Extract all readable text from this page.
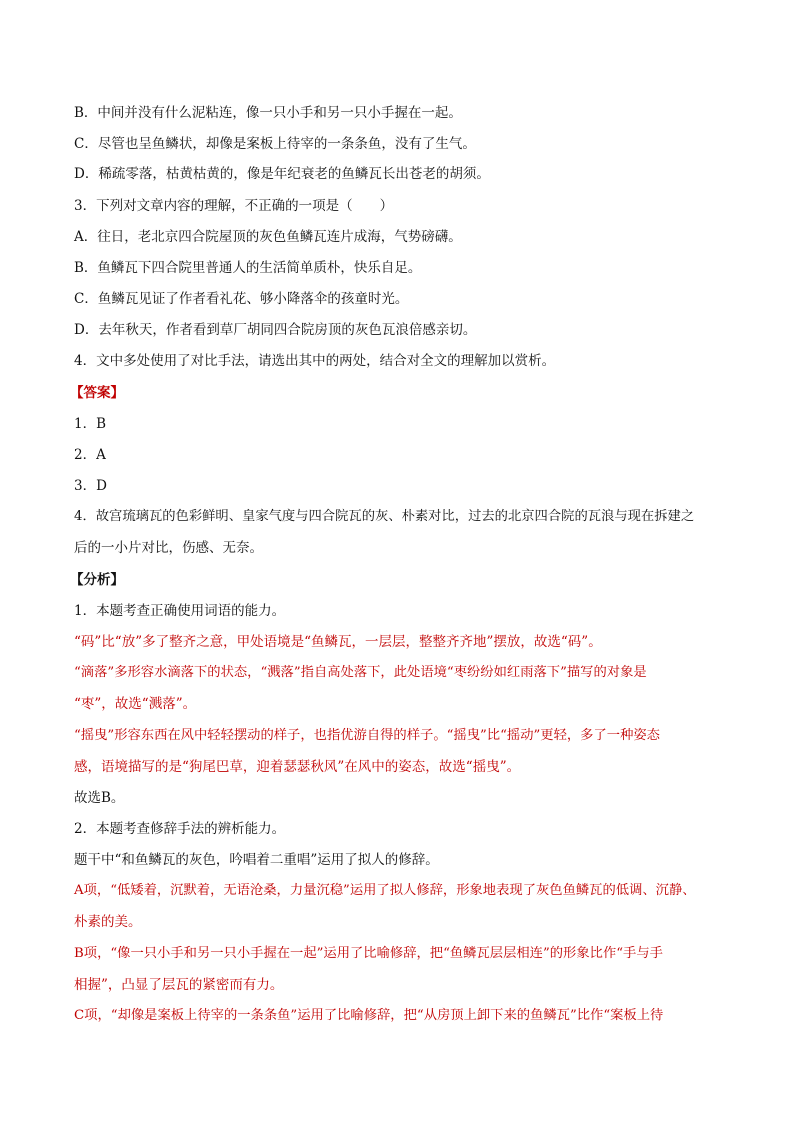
B．中间并没有什么泥粘连，像一只小手和另一只小手握在一起。
C．尽管也呈鱼鳞状，却像是案板上待宰的一条条鱼，没有了生气。
D．稀疏零落，枯黄枯黄的，像是年纪衰老的鱼鳞瓦长出苍老的胡须。
3．下列对文章内容的理解，不正确的一项是（　　）
A．往日，老北京四合院屋顶的灰色鱼鳞瓦连片成海，气势磅礴。
B．鱼鳞瓦下四合院里普通人的生活简单质朴，快乐自足。
C．鱼鳞瓦见证了作者看礼花、够小降落伞的孩童时光。
D．去年秋天，作者看到草厂胡同四合院房顶的灰色瓦浪倍感亲切。
4．文中多处使用了对比手法，请选出其中的两处，结合对全文的理解加以赏析。
【答案】
1．B
2．A
3．D
4．故宫琉璃瓦的色彩鲜明、皇家气度与四合院瓦的灰、朴素对比，过去的北京四合院的瓦浪与现在拆建之
后的一小片对比，伤感、无奈。
【分析】
1．本题考查正确使用词语的能力。
“码”比“放”多了整齐之意，甲处语境是“鱼鳞瓦，一层层，整整齐齐地”摆放，故选“码”。
“滴落”多形容水滴落下的状态，“溅落”指自高处落下，此处语境“枣纷纷如红雨落下”描写的对象是
“枣”，故选“溅落”。
“摇曳”形容东西在风中轻轻摆动的样子，也指优游自得的样子。“摇曳”比“摇动”更轻，多了一种姿态
感，语境描写的是“狗尾巴草，迎着瑟瑟秋风”在风中的姿态，故选“摇曳”。
故选B。
2．本题考查修辞手法的辨析能力。
题干中“和鱼鳞瓦的灰色，吟唱着二重唱”运用了拟人的修辞。
A项，“低矮着，沉默着，无语沧桑，力量沉稳”运用了拟人修辞，形象地表现了灰色鱼鳞瓦的低调、沉静、
朴素的美。
B项，“像一只小手和另一只小手握在一起”运用了比喻修辞，把“鱼鳞瓦层层相连”的形象比作“手与手
相握”，凸显了层瓦的紧密而有力。
C项，“却像是案板上待宰的一条条鱼”运用了比喻修辞，把“从房顶上卸下来的鱼鳞瓦”比作“案板上待
